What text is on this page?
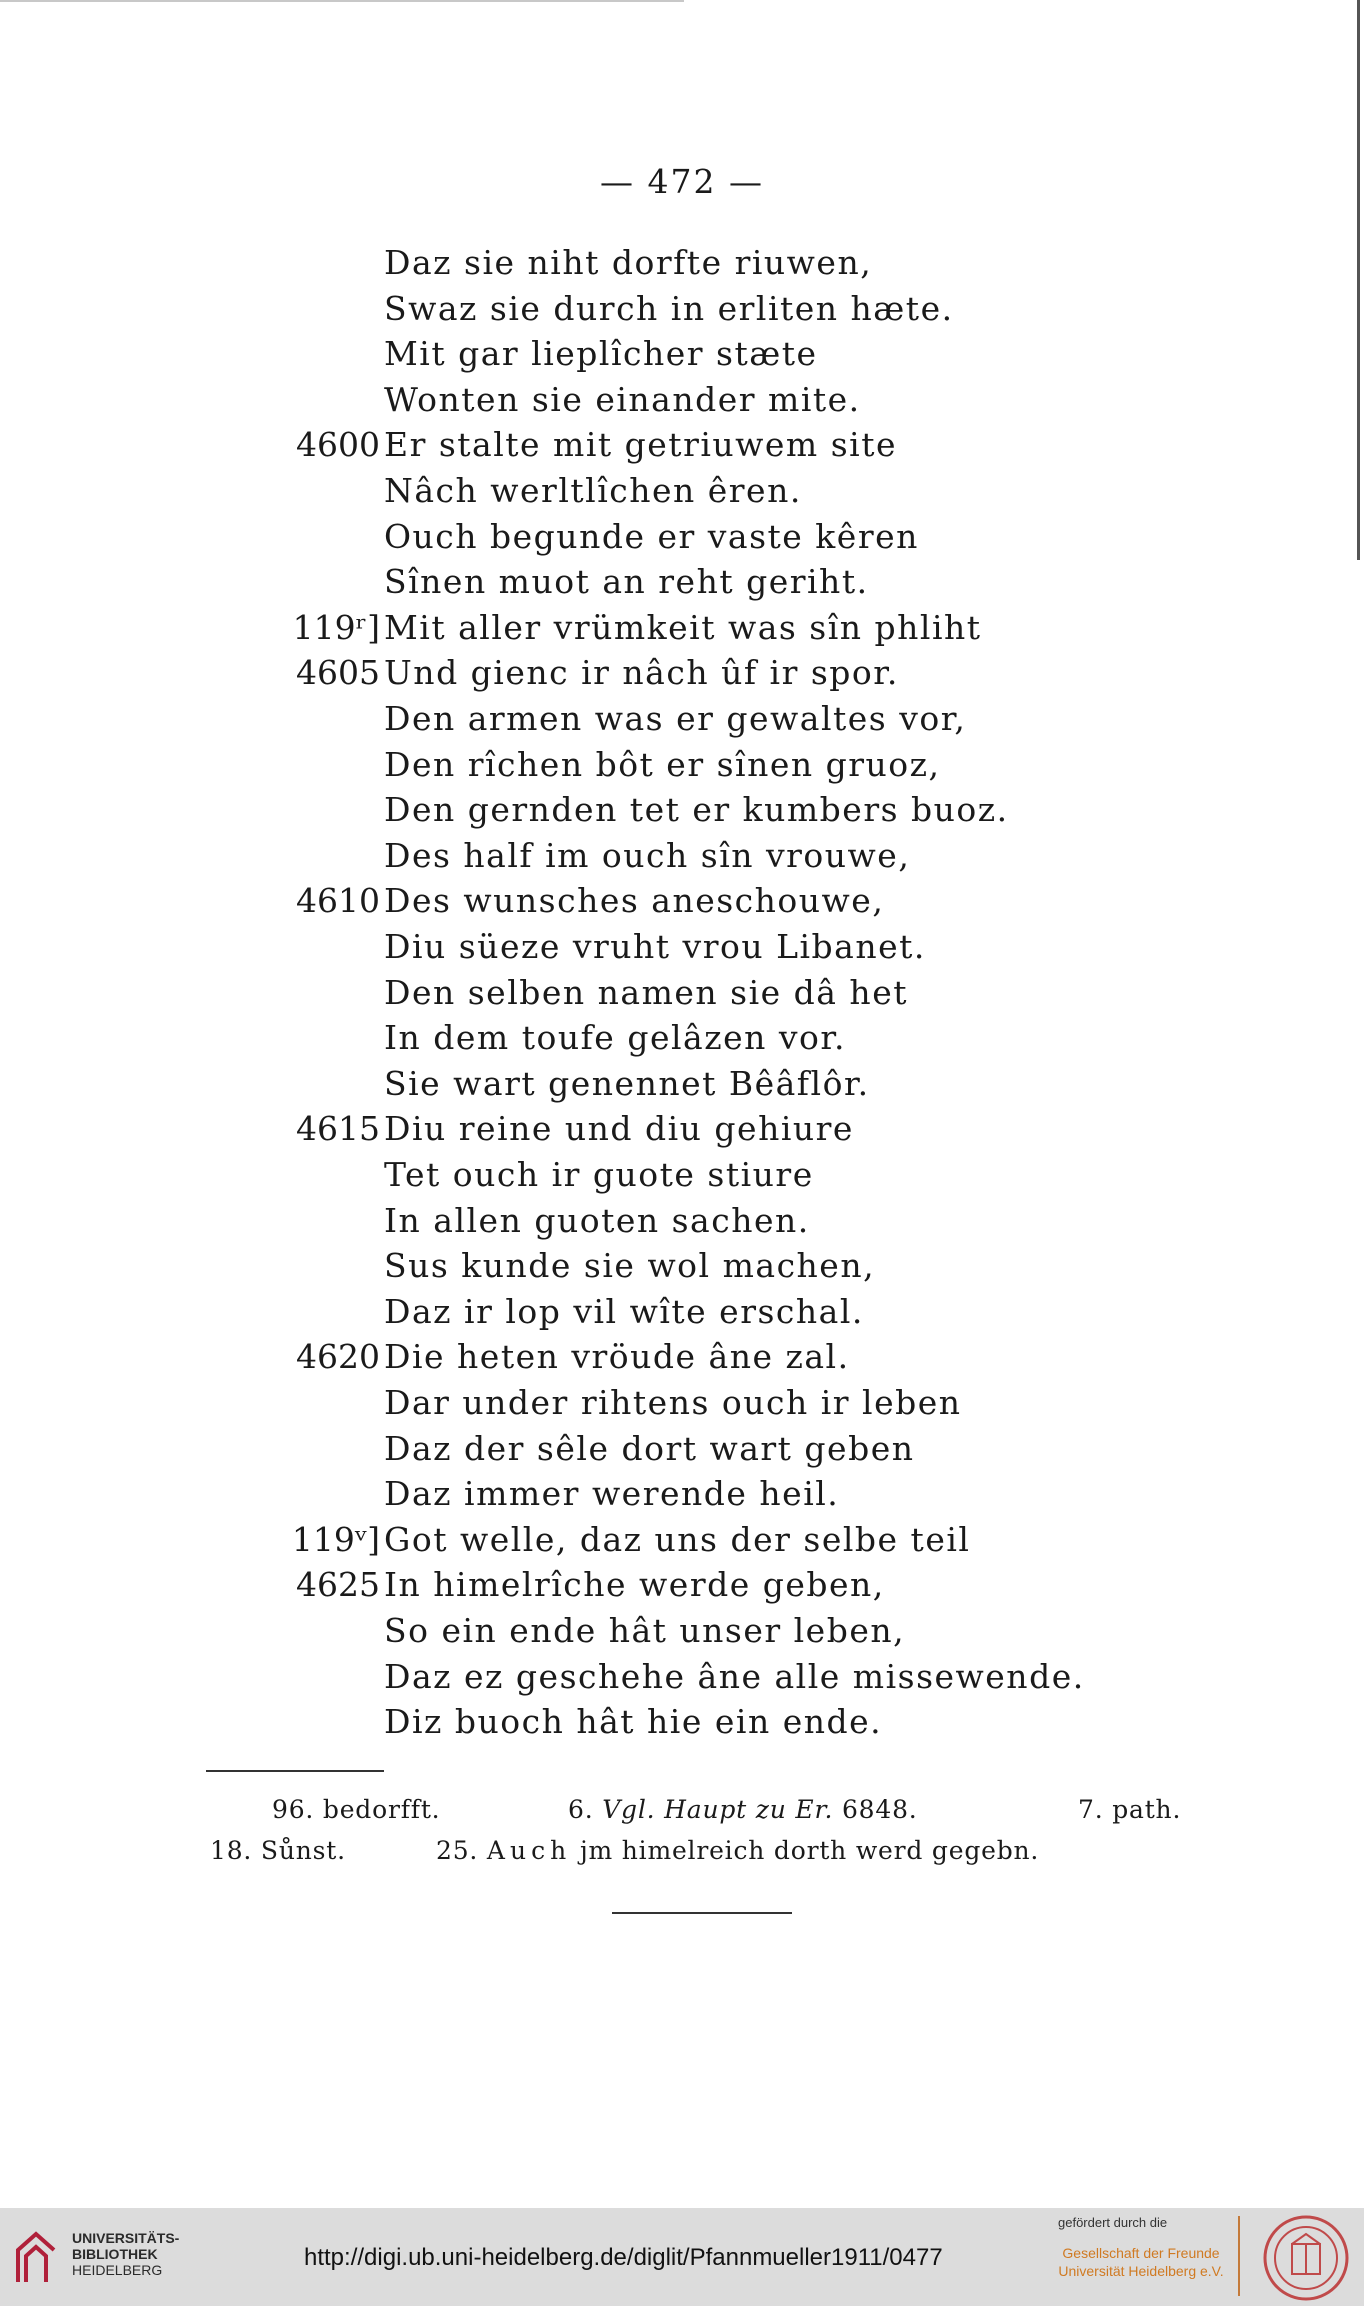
— 472 —
Daz sie niht dorfte riuwen,
Swaz sie durch in erliten hæte.
Mit gar lieplîcher stæte
Wonten sie einander mite.
4600 Er stalte mit getriuwem site
Nâch werltlîchen êren.
Ouch begunde er vaste kêren
Sînen muot an reht geriht.
119ʳ] Mit aller vrümkeit was sîn phliht
4605 Und gienc ir nâch ûf ir spor.
Den armen was er gewaltes vor,
Den rîchen bôt er sînen gruoz,
Den gernden tet er kumbers buoz.
Des half im ouch sîn vrouwe,
4610 Des wunsches aneschouwe,
Diu süeze vruht vrou Libanet.
Den selben namen sie dâ het
In dem toufe gelâzen vor.
Sie wart genennet Bêâflôr.
4615 Diu reine und diu gehiure
Tet ouch ir guote stiure
In allen guoten sachen.
Sus kunde sie wol machen,
Daz ir lop vil wîte erschal.
4620 Die heten vröude âne zal.
Dar under rihtens ouch ir leben
Daz der sêle dort wart geben
Daz immer werende heil.
119ᵛ] Got welle, daz uns der selbe teil
4625 In himelrîche werde geben,
So ein ende hât unser leben,
Daz ez geschehe âne alle missewende.
Diz buoch hât hie ein ende.
96. bedorfft.	6. Vgl. Haupt zu Er. 6848.	7. path.
18. Sůnst.	25. Auch jm himelreich dorth werd gegebn.
UNIVERSITÄTS-
BIBLIOTHEK
HEIDELBERG	http://digi.ub.uni-heidelberg.de/diglit/Pfannmueller1911/0477
gefördert durch die
Gesellschaft der Freunde
Universität Heidelberg e.V.
